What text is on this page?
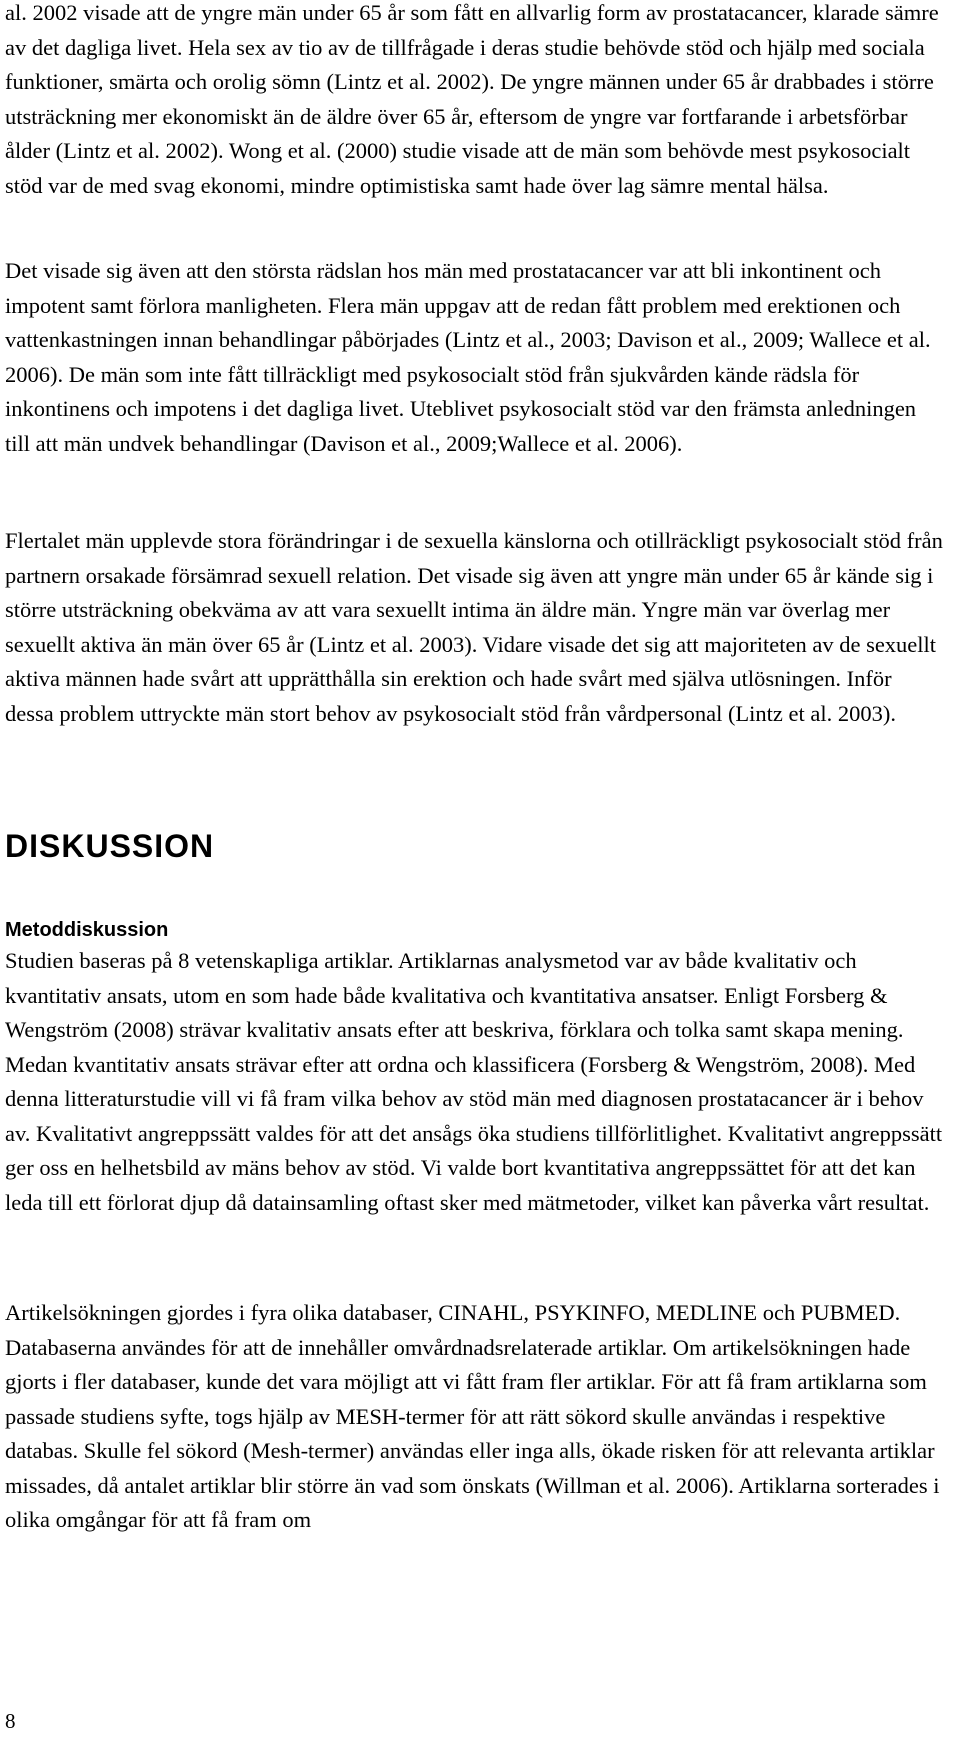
al. 2002 visade att de yngre män under 65 år som fått en allvarlig form av prostatacancer, klarade sämre av det dagliga livet. Hela sex av tio av de tillfrågade i deras studie behövde stöd och hjälp med sociala funktioner, smärta och orolig sömn (Lintz et al. 2002). De yngre männen under 65 år drabbades i större utsträckning mer ekonomiskt än de äldre över 65 år, eftersom de yngre var fortfarande i arbetsförbar ålder (Lintz et al. 2002). Wong et al. (2000) studie visade att de män som behövde mest psykosocialt stöd var de med svag ekonomi, mindre optimistiska samt hade över lag sämre mental hälsa.

Det visade sig även att den största rädslan hos män med prostatacancer var att bli inkontinent och impotent samt förlora manligheten. Flera män uppgav att de redan fått problem med erektionen och vattenkastningen innan behandlingar påbörjades (Lintz et al., 2003; Davison et al., 2009; Wallece et al. 2006). De män som inte fått tillräckligt med psykosocialt stöd från sjukvården kände rädsla för inkontinens och impotens i det dagliga livet. Uteblivet psykosocialt stöd var den främsta anledningen till att män undvek behandlingar (Davison et al., 2009;Wallece et al. 2006).

Flertalet män upplevde stora förändringar i de sexuella känslorna och otillräckligt psykosocialt stöd från partnern orsakade försämrad sexuell relation. Det visade sig även att yngre män under 65 år kände sig i större utsträckning obekväma av att vara sexuellt intima än äldre män. Yngre män var överlag mer sexuellt aktiva än män över 65 år (Lintz et al. 2003). Vidare visade det sig att majoriteten av de sexuellt aktiva männen hade svårt att upprätthålla sin erektion och hade svårt med själva utlösningen. Inför dessa problem uttryckte män stort behov av psykosocialt stöd från vårdpersonal (Lintz et al. 2003).

DISKUSSION
Metoddiskussion

Studien baseras på 8 vetenskapliga artiklar. Artiklarnas analysmetod var av både kvalitativ och kvantitativ ansats, utom en som hade både kvalitativa och kvantitativa ansatser. Enligt Forsberg & Wengström (2008) strävar kvalitativ ansats efter att beskriva, förklara och tolka samt skapa mening. Medan kvantitativ ansats strävar efter att ordna och klassificera (Forsberg & Wengström, 2008). Med denna litteraturstudie vill vi få fram vilka behov av stöd män med diagnosen prostatacancer är i behov av. Kvalitativt angreppssätt valdes för att det ansågs öka studiens tillförlitlighet. Kvalitativt angreppssätt ger oss en helhetsbild av mäns behov av stöd. Vi valde bort kvantitativa angreppssättet för att det kan leda till ett förlorat djup då datainsamling oftast sker med mätmetoder, vilket kan påverka vårt resultat.

Artikelsökningen gjordes i fyra olika databaser, CINAHL, PSYKINFO, MEDLINE och PUBMED. Databaserna användes för att de innehåller omvårdnadsrelaterade artiklar. Om artikelsökningen hade gjorts i fler databaser, kunde det vara möjligt att vi fått fram fler artiklar. För att få fram artiklarna som passade studiens syfte, togs hjälp av MESH-termer för att rätt sökord skulle användas i respektive databas. Skulle fel sökord (Mesh-termer) användas eller inga alls, ökade risken för att relevanta artiklar missades, då antalet artiklar blir större än vad som önskats (Willman et al. 2006). Artiklarna sorterades i olika omgångar för att få fram om

8
